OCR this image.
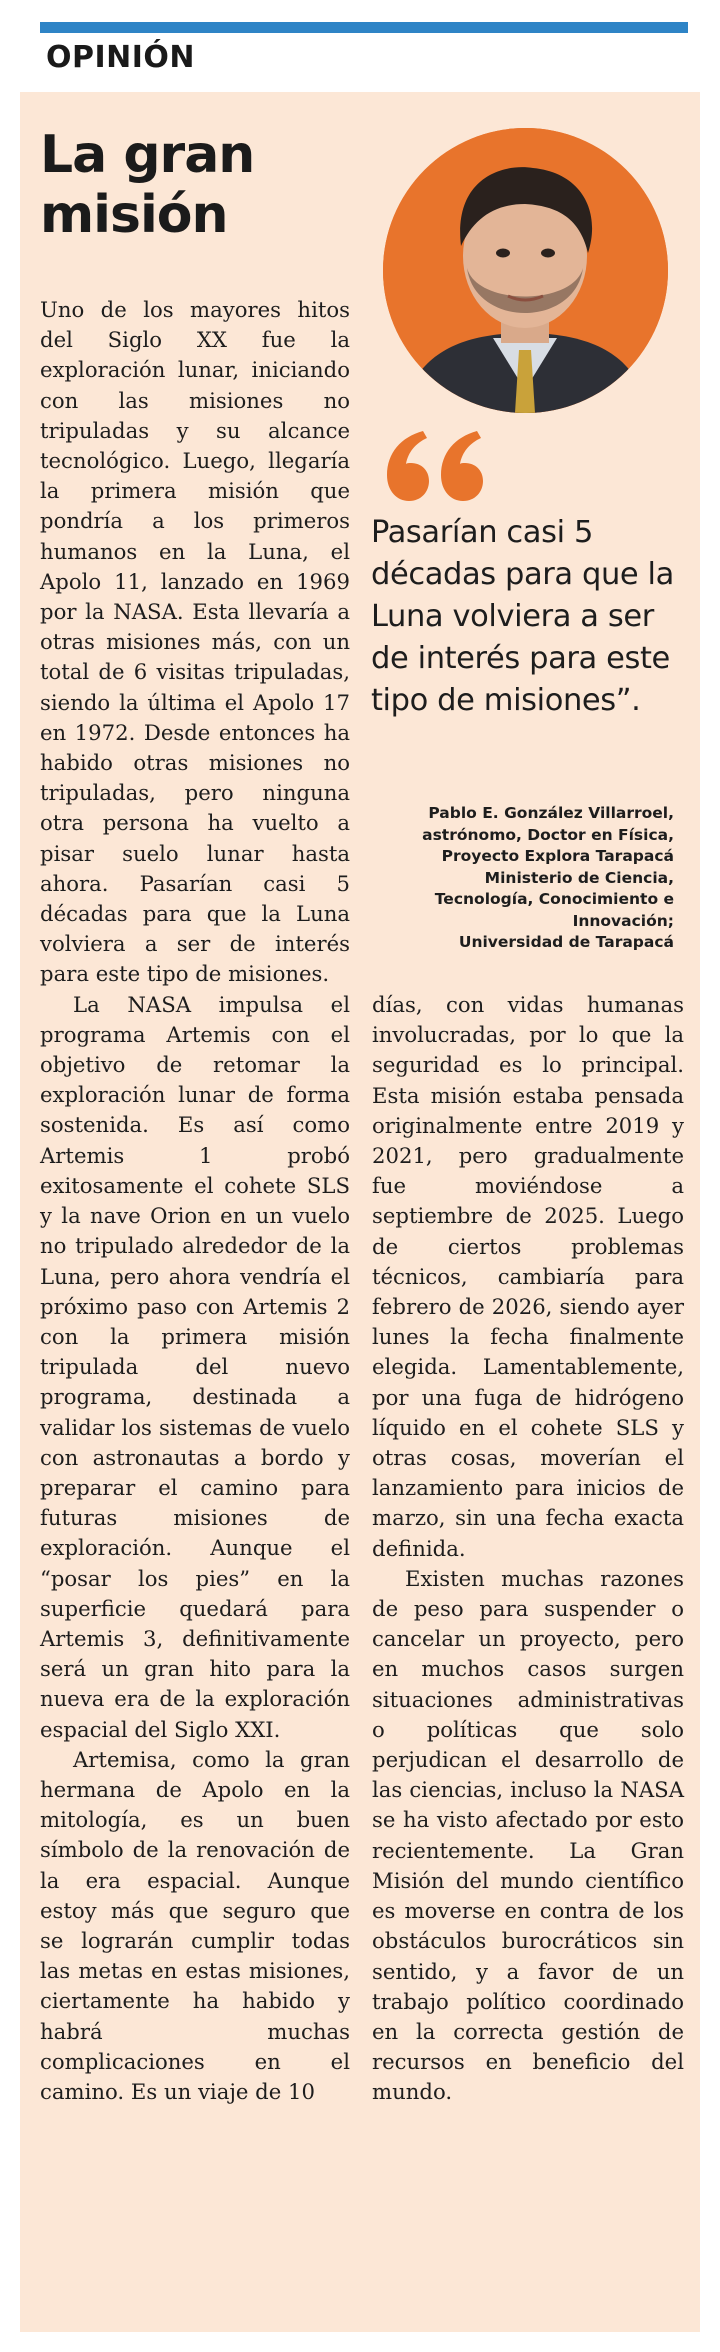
OPINIÓN
La gran misión
Pasarían casi 5 décadas para que la Luna volviera a ser de interés para este tipo de misiones”.
Pablo E. González Villarroel,
astrónomo, Doctor en Física,
Proyecto Explora Tarapacá
Ministerio de Ciencia,
Tecnología, Conocimiento e
Innovación;
Universidad de Tarapacá

Uno de los mayores hitos del Siglo XX fue la exploración lunar, iniciando con las misiones no tripuladas y su alcance tecnológico. Luego, llegaría la primera misión que pondría a los primeros humanos en la Luna, el Apolo 11, lanzado en 1969 por la NASA. Esta llevaría a otras misiones más, con un total de 6 visitas tripuladas, siendo la última el Apolo 17 en 1972. Desde entonces ha habido otras misiones no tripuladas, pero ninguna otra persona ha vuelto a pisar suelo lunar hasta ahora. Pasarían casi 5 décadas para que la Luna volviera a ser de interés para este tipo de misiones.

La NASA impulsa el programa Artemis con el objetivo de retomar la exploración lunar de forma sostenida. Es así como Artemis 1 probó exitosamente el cohete SLS y la nave Orion en un vuelo no tripulado alrededor de la Luna, pero ahora vendría el próximo paso con Artemis 2 con la primera misión tripulada del nuevo programa, destinada a validar los sistemas de vuelo con astronautas a bordo y preparar el camino para futuras misiones de exploración. Aunque el “posar los pies” en la superficie quedará para Artemis 3, definitivamente será un gran hito para la nueva era de la exploración espacial del Siglo XXI.

Artemisa, como la gran hermana de Apolo en la mitología, es un buen símbolo de la renovación de la era espacial. Aunque estoy más que seguro que se lograrán cumplir todas las metas en estas misiones, ciertamente ha habido y habrá muchas complicaciones en el camino. Es un viaje de 10

días, con vidas humanas involucradas, por lo que la seguridad es lo principal. Esta misión estaba pensada originalmente entre 2019 y 2021, pero gradualmente fue moviéndose a septiembre de 2025. Luego de ciertos problemas técnicos, cambiaría para febrero de 2026, siendo ayer lunes la fecha finalmente elegida. Lamentablemente, por una fuga de hidrógeno líquido en el cohete SLS y otras cosas, moverían el lanzamiento para inicios de marzo, sin una fecha exacta definida.

Existen muchas razones de peso para suspender o cancelar un proyecto, pero en muchos casos surgen situaciones administrativas o políticas que solo perjudican el desarrollo de las ciencias, incluso la NASA se ha visto afectado por esto recientemente. La Gran Misión del mundo científico es moverse en contra de los obstáculos burocráticos sin sentido, y a favor de un trabajo político coordinado en la correcta gestión de recursos en beneficio del mundo.
